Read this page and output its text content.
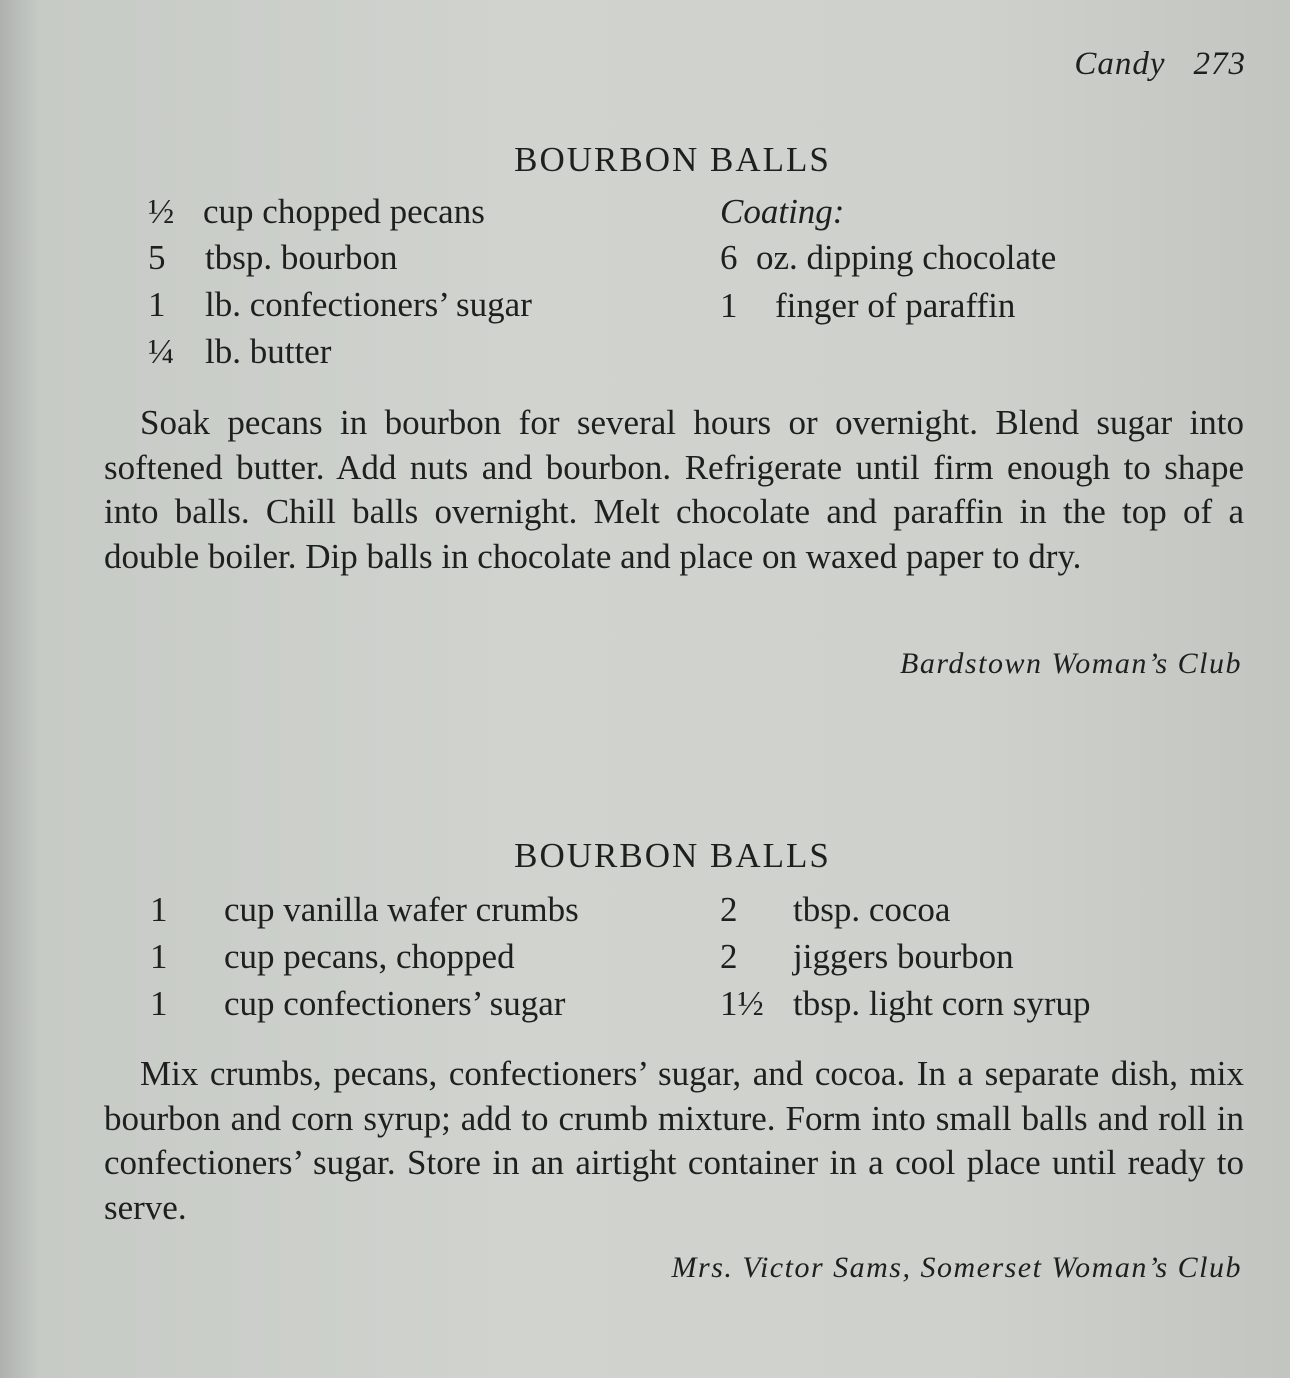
Candy 273
BOURBON BALLS
½ cup chopped pecans
5 tbsp. bourbon
1 lb. confectioners’ sugar
¼ lb. butter
Coating:
6 oz. dipping chocolate
1 finger of paraffin
Soak pecans in bourbon for several hours or overnight. Blend sugar into softened butter. Add nuts and bourbon. Refrigerate until firm enough to shape into balls. Chill balls overnight. Melt chocolate and paraffin in the top of a double boiler. Dip balls in chocolate and place on waxed paper to dry.
Bardstown Woman’s Club
BOURBON BALLS
1 cup vanilla wafer crumbs
1 cup pecans, chopped
1 cup confectioners’ sugar
2 tbsp. cocoa
2 jiggers bourbon
1½ tbsp. light corn syrup
Mix crumbs, pecans, confectioners’ sugar, and cocoa. In a separate dish, mix bourbon and corn syrup; add to crumb mixture. Form into small balls and roll in confectioners’ sugar. Store in an airtight container in a cool place until ready to serve.
Mrs. Victor Sams, Somerset Woman’s Club
